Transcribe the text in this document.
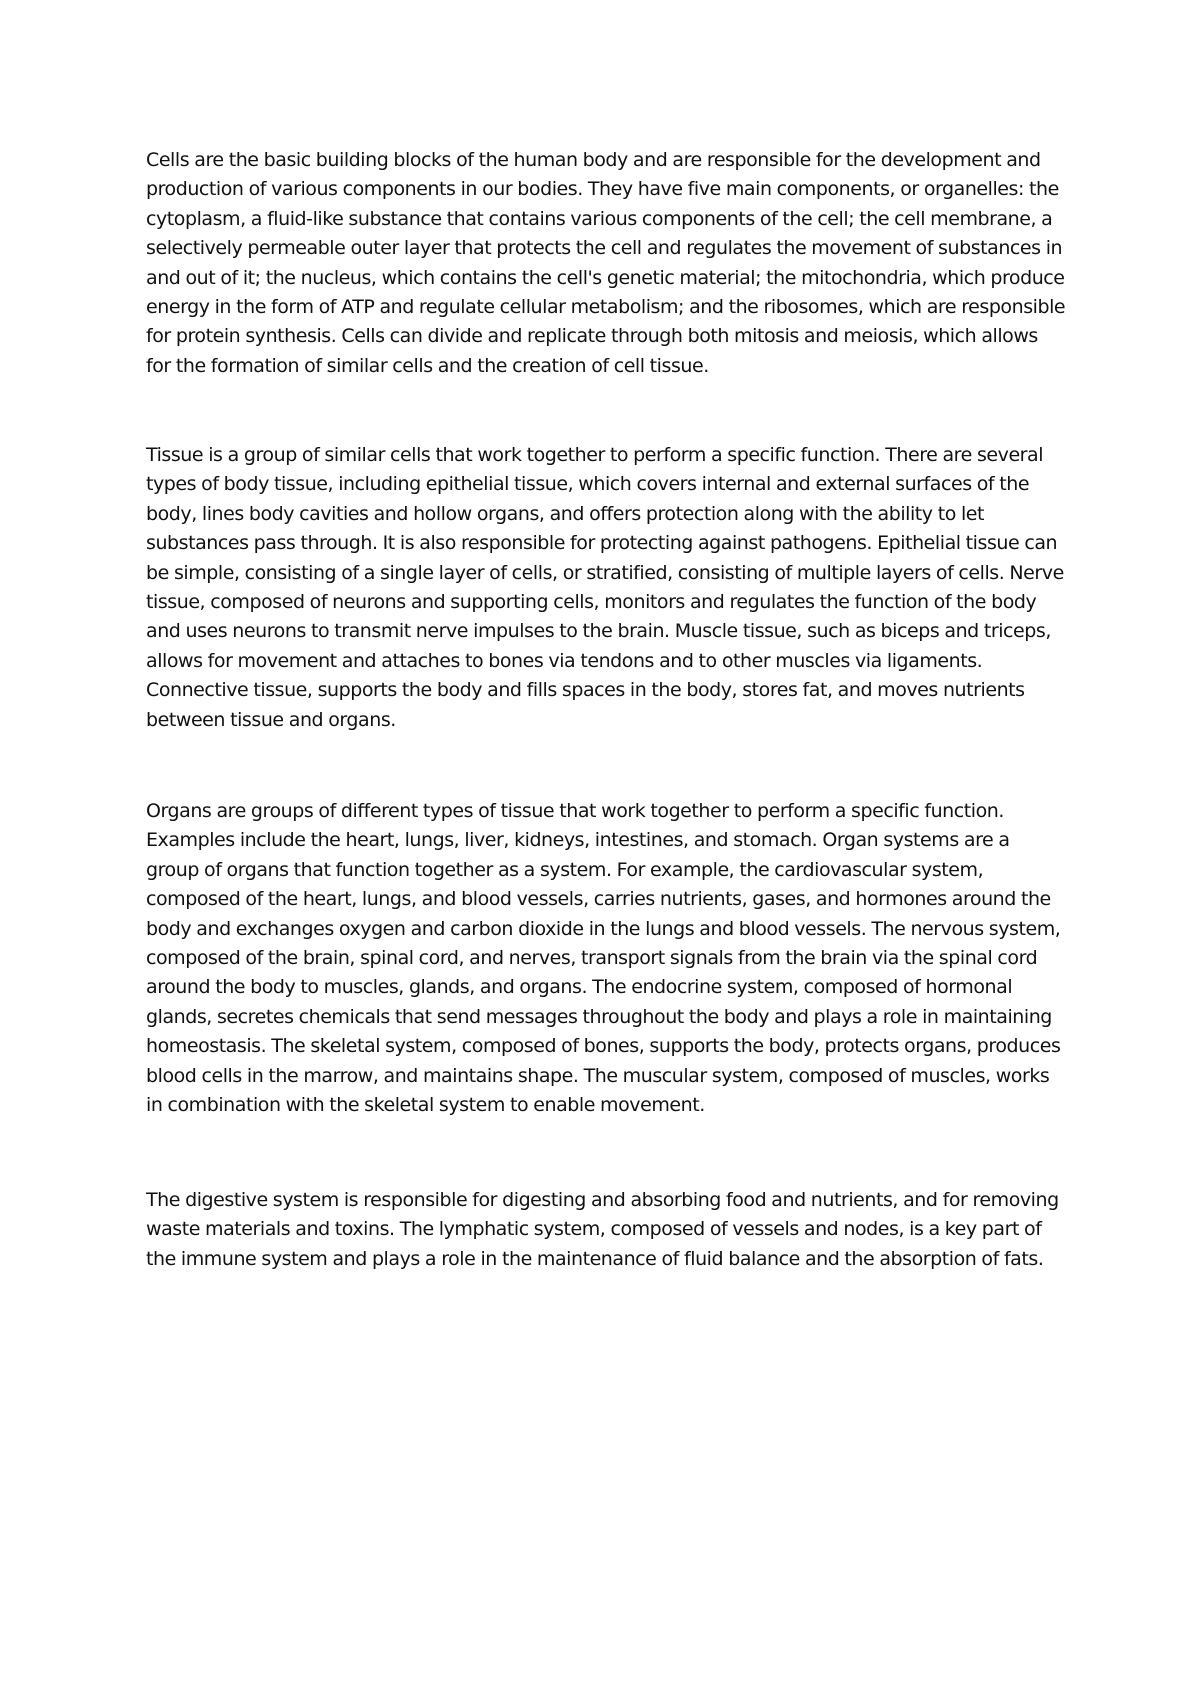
Cells are the basic building blocks of the human body and are responsible for the development and production of various components in our bodies. They have five main components, or organelles: the cytoplasm, a fluid-like substance that contains various components of the cell; the cell membrane, a selectively permeable outer layer that protects the cell and regulates the movement of substances in and out of it; the nucleus, which contains the cell's genetic material; the mitochondria, which produce energy in the form of ATP and regulate cellular metabolism; and the ribosomes, which are responsible for protein synthesis. Cells can divide and replicate through both mitosis and meiosis, which allows for the formation of similar cells and the creation of cell tissue.

Tissue is a group of similar cells that work together to perform a specific function. There are several types of body tissue, including epithelial tissue, which covers internal and external surfaces of the body, lines body cavities and hollow organs, and offers protection along with the ability to let substances pass through. It is also responsible for protecting against pathogens. Epithelial tissue can be simple, consisting of a single layer of cells, or stratified, consisting of multiple layers of cells. Nerve tissue, composed of neurons and supporting cells, monitors and regulates the function of the body and uses neurons to transmit nerve impulses to the brain. Muscle tissue, such as biceps and triceps, allows for movement and attaches to bones via tendons and to other muscles via ligaments. Connective tissue, supports the body and fills spaces in the body, stores fat, and moves nutrients between tissue and organs.

Organs are groups of different types of tissue that work together to perform a specific function. Examples include the heart, lungs, liver, kidneys, intestines, and stomach. Organ systems are a group of organs that function together as a system. For example, the cardiovascular system, composed of the heart, lungs, and blood vessels, carries nutrients, gases, and hormones around the body and exchanges oxygen and carbon dioxide in the lungs and blood vessels. The nervous system, composed of the brain, spinal cord, and nerves, transport signals from the brain via the spinal cord around the body to muscles, glands, and organs. The endocrine system, composed of hormonal glands, secretes chemicals that send messages throughout the body and plays a role in maintaining homeostasis. The skeletal system, composed of bones, supports the body, protects organs, produces blood cells in the marrow, and maintains shape. The muscular system, composed of muscles, works in combination with the skeletal system to enable movement.

The digestive system is responsible for digesting and absorbing food and nutrients, and for removing waste materials and toxins. The lymphatic system, composed of vessels and nodes, is a key part of the immune system and plays a role in the maintenance of fluid balance and the absorption of fats.
